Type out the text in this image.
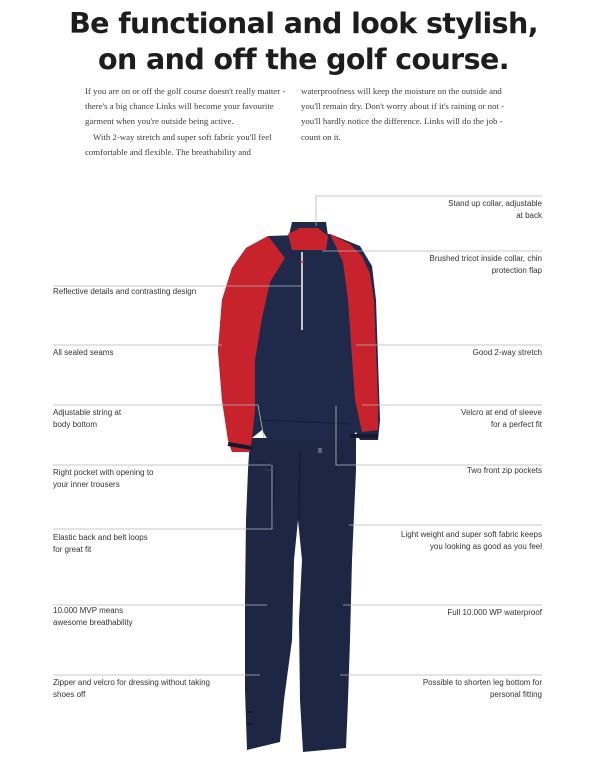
Be functional and look stylish,
on and off the golf course.
If you are on or off the golf course doesn't really matter - there's a big chance Links will become your favourite garment when you're outside being active.
With 2-way stretch and super soft fabric you'll feel comfortable and flexible. The breathability and
waterproofness will keep the moisture on the outside and you'll remain dry. Don't worry about if it's raining or not - you'll hardly notice the difference. Links will do the job - count on it.
Reflective details and contrasting design
All sealed seams
Adjustable string at
body bottom
Right pocket with opening to
your inner trousers
Elastic back and belt loops
for great fit
10.000 MVP means
awesome breathability
Zipper and velcro for dressing without taking
shoes off
Stand up collar, adjustable
at back
Brushed tricot inside collar, chin
protection flap
Good 2-way stretch
Velcro at end of sleeve
for a perfect fit
Two front zip pockets
Light weight and super soft fabric keeps
you looking as good as you feel
Full 10.000 WP waterproof
Possible to shorten leg bottom for
personal fitting
